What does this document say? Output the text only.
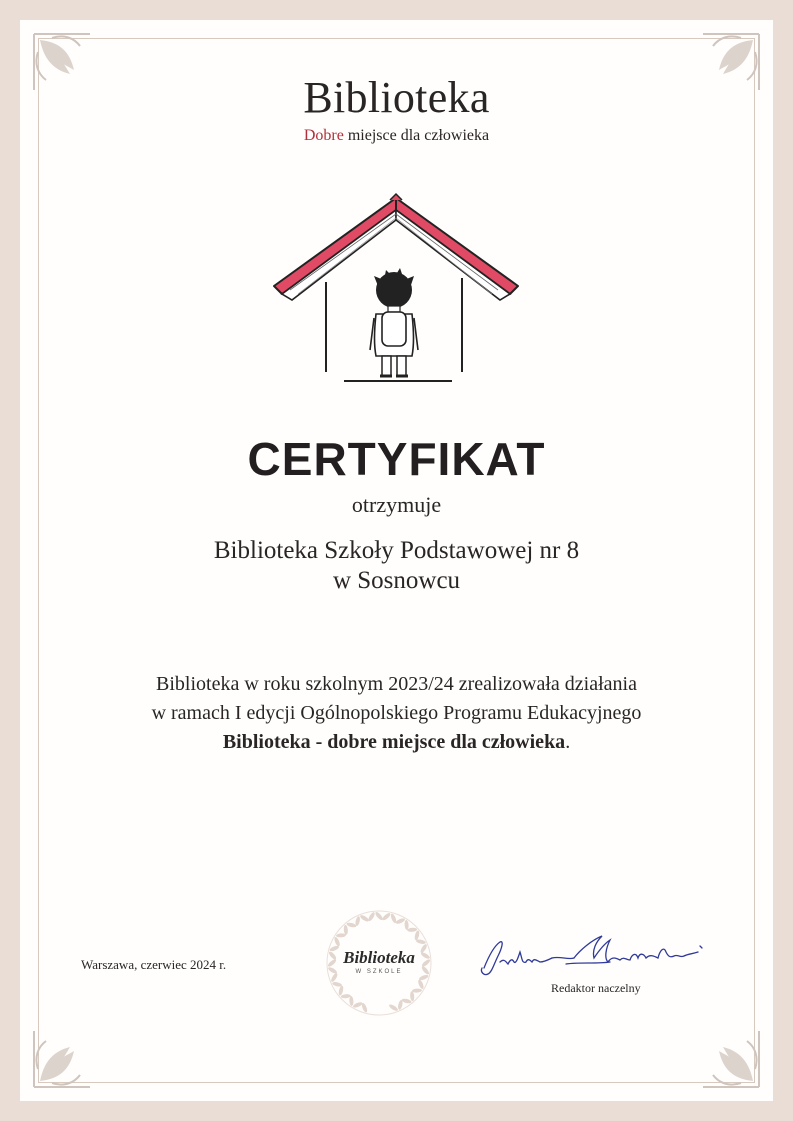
Biblioteka
Dobre miejsce dla człowieka
CERTYFIKAT
otrzymuje
Biblioteka Szkoły Podstawowej nr 8
w Sosnowcu
Biblioteka w roku szkolnym 2023/24 zrealizowała działania
w ramach I edycji Ogólnopolskiego Programu Edukacyjnego
Biblioteka - dobre miejsce dla człowieka.
Warszawa, czerwiec 2024 r.	Biblioteka
W SZKOLE
Redaktor naczelny
